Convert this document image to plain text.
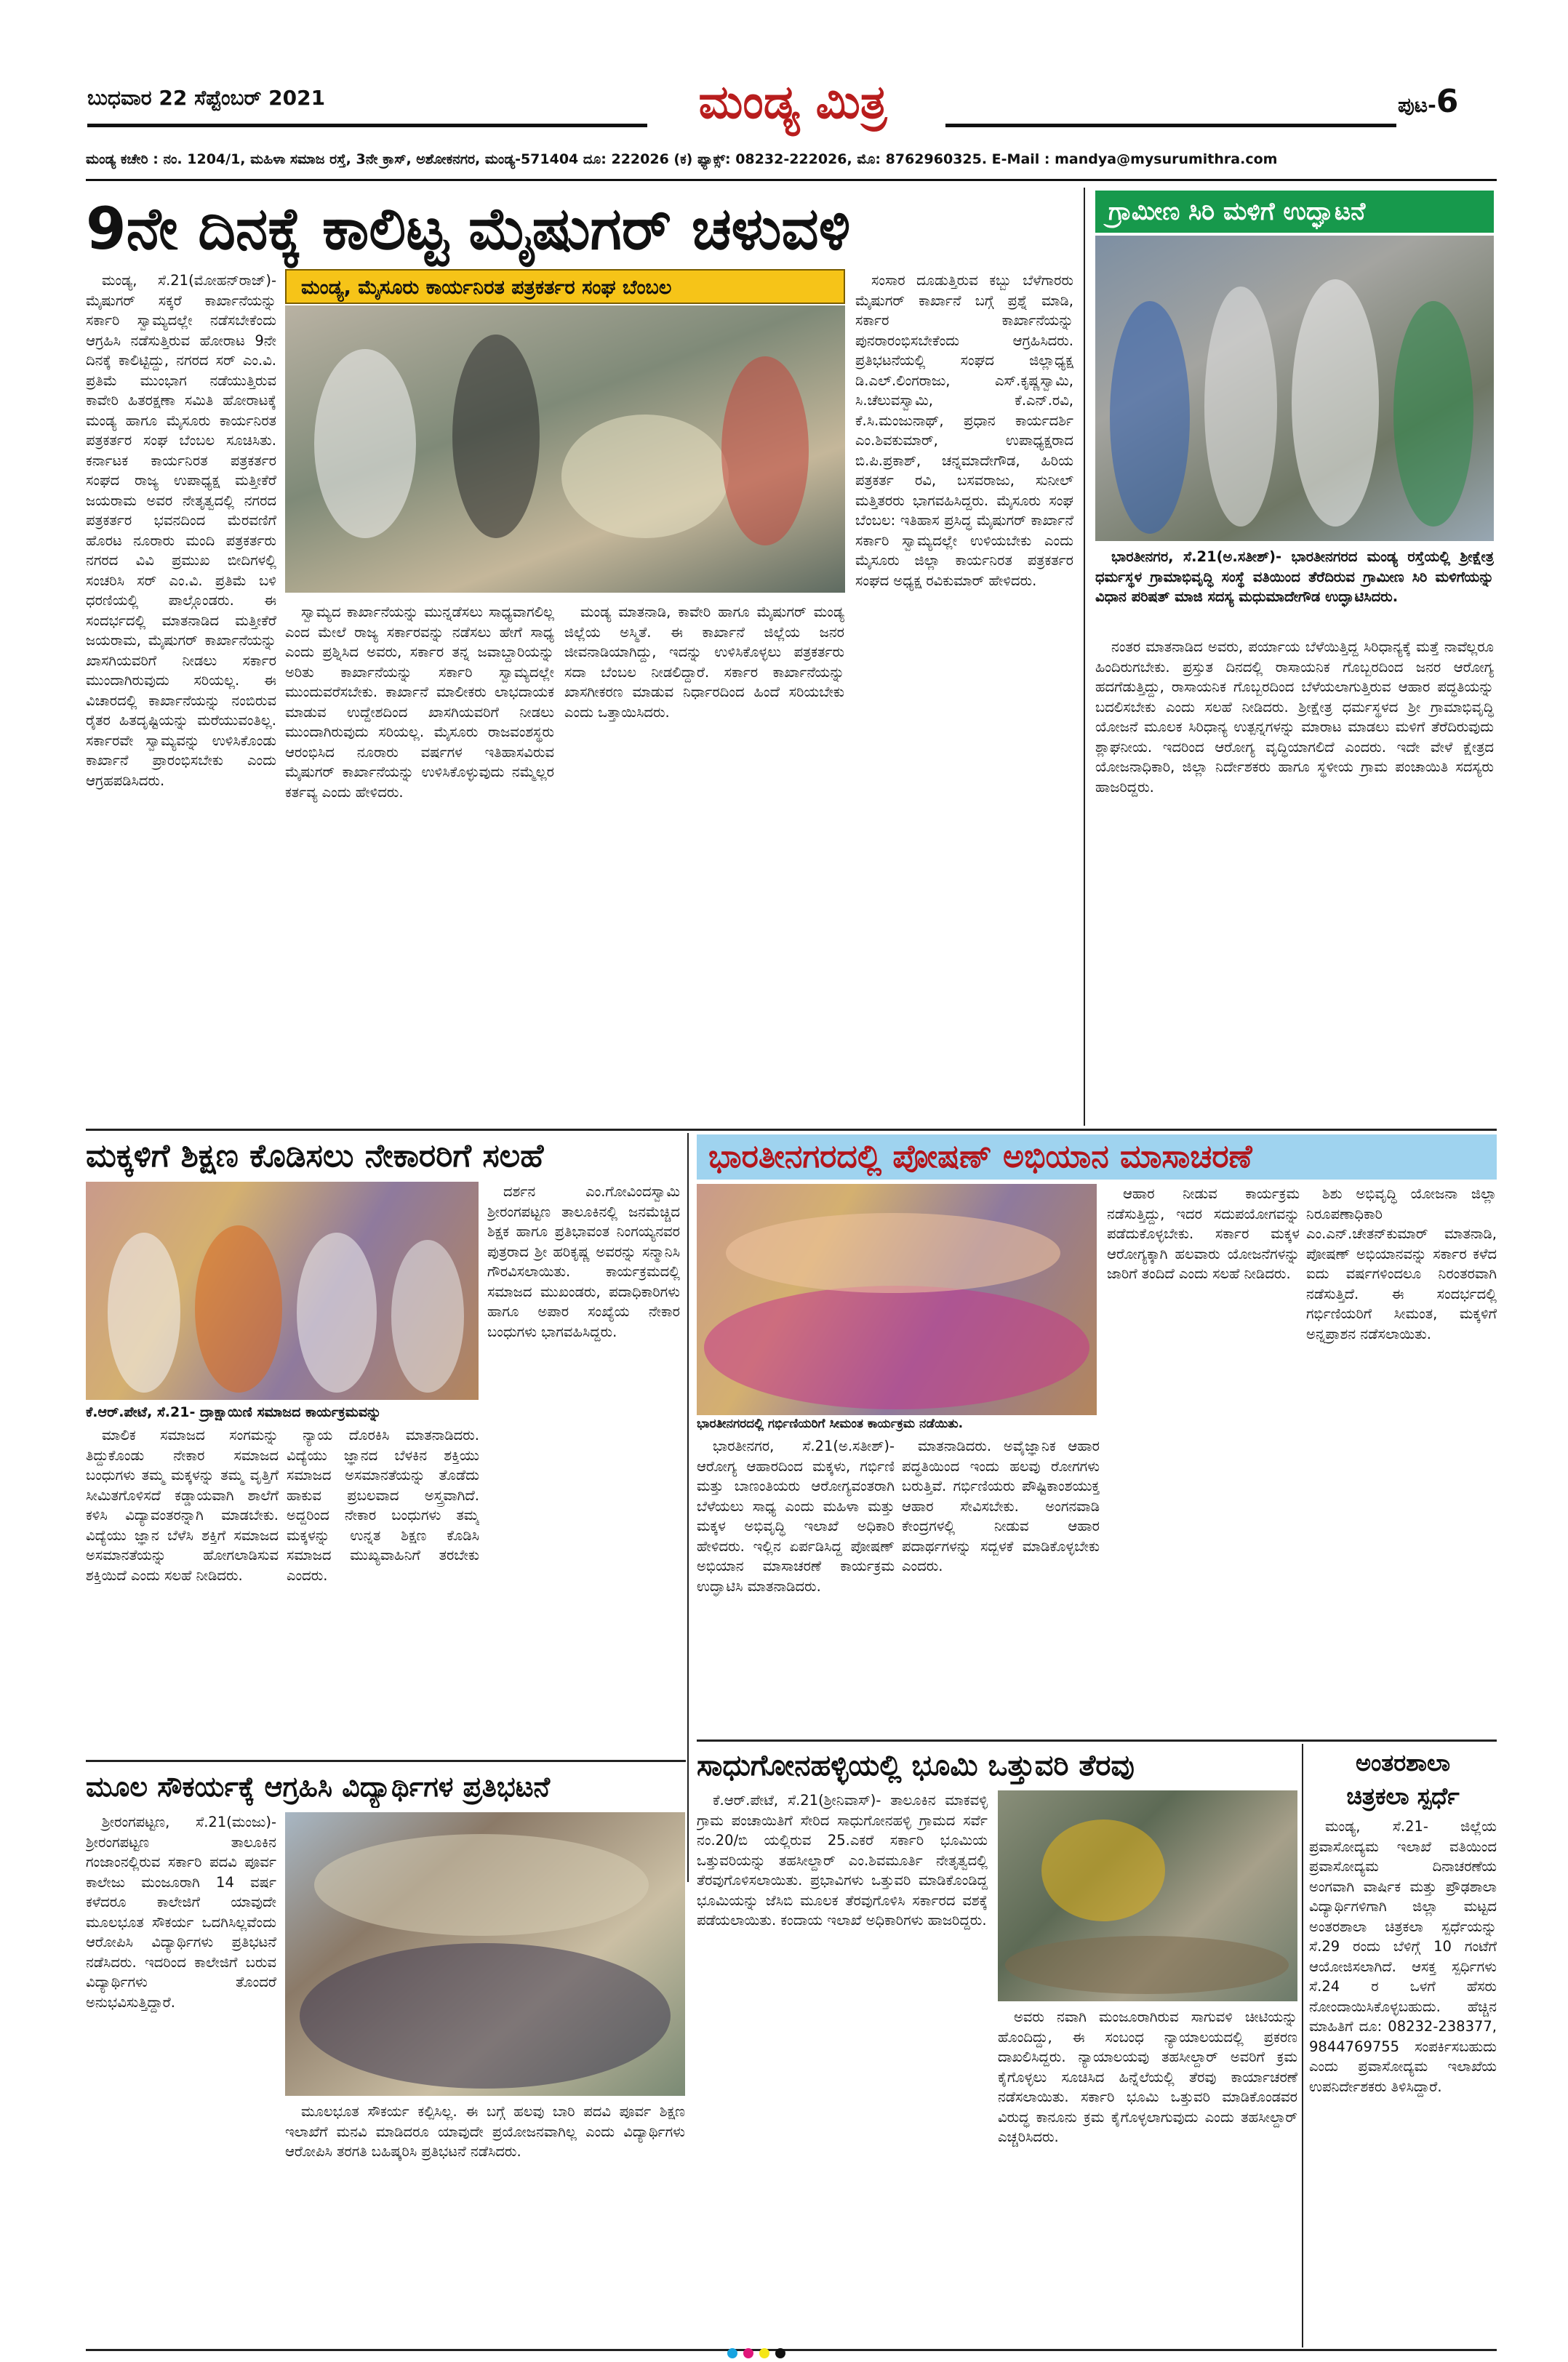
ಬುಧವಾರ 22 ಸೆಪ್ಟೆಂಬರ್ 2021	ಮಂಡ್ಯ ಮಿತ್ರ	ಪುಟ-6
ಮಂಡ್ಯ ಕಚೇರಿ : ನಂ. 1204/1, ಮಹಿಳಾ ಸಮಾಜ ರಸ್ತೆ, 3ನೇ ಕ್ರಾಸ್, ಅಶೋಕನಗರ, ಮಂಡ್ಯ-571404 ದೂ: 222026 (ಕ) ಫ್ಯಾಕ್ಸ್: 08232-222026, ಮೊ: 8762960325. E-Mail : mandya@mysurumithra.com
9ನೇ ದಿನಕ್ಕೆ ಕಾಲಿಟ್ಟ ಮೈಷುಗರ್ ಚಳುವಳಿ
ಮಂಡ್ಯ, ಮೈಸೂರು ಕಾರ್ಯನಿರತ ಪತ್ರಕರ್ತರ ಸಂಘ ಬೆಂಬಲ

ಮಂಡ್ಯ, ಸೆ.21(ಮೋಹನ್‌ರಾಜ್)- ಮೈಷುಗರ್ ಸಕ್ಕರೆ ಕಾರ್ಖಾನೆಯನ್ನು ಸರ್ಕಾರಿ ಸ್ವಾಮ್ಯದಲ್ಲೇ ನಡೆಸಬೇಕೆಂದು ಆಗ್ರಹಿಸಿ ನಡೆಸುತ್ತಿರುವ ಹೋರಾಟ 9ನೇ ದಿನಕ್ಕೆ ಕಾಲಿಟ್ಟಿದ್ದು, ನಗರದ ಸರ್ ಎಂ.ವಿ. ಪ್ರತಿಮೆ ಮುಂಭಾಗ ನಡೆಯುತ್ತಿರುವ ಕಾವೇರಿ ಹಿತರಕ್ಷಣಾ ಸಮಿತಿ ಹೋರಾಟಕ್ಕೆ ಮಂಡ್ಯ ಹಾಗೂ ಮೈಸೂರು ಕಾರ್ಯನಿರತ ಪತ್ರಕರ್ತರ ಸಂಘ ಬೆಂಬಲ ಸೂಚಿಸಿತು. ಕರ್ನಾಟಕ ಕಾರ್ಯನಿರತ ಪತ್ರಕರ್ತರ ಸಂಘದ ರಾಜ್ಯ ಉಪಾಧ್ಯಕ್ಷ ಮತ್ತೀಕೆರೆ ಜಯರಾಮ ಅವರ ನೇತೃತ್ವದಲ್ಲಿ ನಗರದ ಪತ್ರಕರ್ತರ ಭವನದಿಂದ ಮೆರವಣಿಗೆ ಹೊರಟ ನೂರಾರು ಮಂದಿ ಪತ್ರಕರ್ತರು ನಗರದ ವಿವಿ ಪ್ರಮುಖ ಬೀದಿಗಳಲ್ಲಿ ಸಂಚರಿಸಿ ಸರ್ ಎಂ.ವಿ. ಪ್ರತಿಮೆ ಬಳಿ ಧರಣಿಯಲ್ಲಿ ಪಾಲ್ಗೊಂಡರು. ಈ ಸಂದರ್ಭದಲ್ಲಿ ಮಾತನಾಡಿದ ಮತ್ತೀಕೆರೆ ಜಯರಾಮ, ಮೈಷುಗರ್ ಕಾರ್ಖಾನೆಯನ್ನು ಖಾಸಗಿಯವರಿಗೆ ನೀಡಲು ಸರ್ಕಾರ ಮುಂದಾಗಿರುವುದು ಸರಿಯಲ್ಲ. ಈ ವಿಚಾರದಲ್ಲಿ ಕಾರ್ಖಾನೆಯನ್ನು ನಂಬಿರುವ ರೈತರ ಹಿತದೃಷ್ಟಿಯನ್ನು ಮರೆಯುವಂತಿಲ್ಲ. ಸರ್ಕಾರವೇ ಸ್ವಾಮ್ಯವನ್ನು ಉಳಿಸಿಕೊಂಡು ಕಾರ್ಖಾನೆ ಪ್ರಾರಂಭಿಸಬೇಕು ಎಂದು ಆಗ್ರಹಪಡಿಸಿದರು.

ಸ್ವಾಮ್ಯದ ಕಾರ್ಖಾನೆಯನ್ನು ಮುನ್ನಡೆಸಲು ಸಾಧ್ಯವಾಗಲಿಲ್ಲ ಎಂದ ಮೇಲೆ ರಾಜ್ಯ ಸರ್ಕಾರವನ್ನು ನಡೆಸಲು ಹೇಗೆ ಸಾಧ್ಯ ಎಂದು ಪ್ರಶ್ನಿಸಿದ ಅವರು, ಸರ್ಕಾರ ತನ್ನ ಜವಾಬ್ದಾರಿಯನ್ನು ಅರಿತು ಕಾರ್ಖಾನೆಯನ್ನು ಸರ್ಕಾರಿ ಸ್ವಾಮ್ಯದಲ್ಲೇ ಮುಂದುವರೆಸಬೇಕು. ಕಾರ್ಖಾನೆ ಮಾಲೀಕರು ಲಾಭದಾಯಕ ಮಾಡುವ ಉದ್ದೇಶದಿಂದ ಖಾಸಗಿಯವರಿಗೆ ನೀಡಲು ಮುಂದಾಗಿರುವುದು ಸರಿಯಲ್ಲ. ಮೈಸೂರು ರಾಜವಂಶಸ್ಥರು ಆರಂಭಿಸಿದ ನೂರಾರು ವರ್ಷಗಳ ಇತಿಹಾಸವಿರುವ ಮೈಷುಗರ್ ಕಾರ್ಖಾನೆಯನ್ನು ಉಳಿಸಿಕೊಳ್ಳುವುದು ನಮ್ಮೆಲ್ಲರ ಕರ್ತವ್ಯ ಎಂದು ಹೇಳಿದರು.

ಮಂಡ್ಯ ಮಾತನಾಡಿ, ಕಾವೇರಿ ಹಾಗೂ ಮೈಷುಗರ್ ಮಂಡ್ಯ ಜಿಲ್ಲೆಯ ಅಸ್ಮಿತೆ. ಈ ಕಾರ್ಖಾನೆ ಜಿಲ್ಲೆಯ ಜನರ ಜೀವನಾಡಿಯಾಗಿದ್ದು, ಇದನ್ನು ಉಳಿಸಿಕೊಳ್ಳಲು ಪತ್ರಕರ್ತರು ಸದಾ ಬೆಂಬಲ ನೀಡಲಿದ್ದಾರೆ. ಸರ್ಕಾರ ಕಾರ್ಖಾನೆಯನ್ನು ಖಾಸಗೀಕರಣ ಮಾಡುವ ನಿರ್ಧಾರದಿಂದ ಹಿಂದೆ ಸರಿಯಬೇಕು ಎಂದು ಒತ್ತಾಯಿಸಿದರು.

ಸಂಸಾರ ದೂಡುತ್ತಿರುವ ಕಬ್ಬು ಬೆಳೆಗಾರರು ಮೈಷುಗರ್ ಕಾರ್ಖಾನೆ ಬಗ್ಗೆ ಪ್ರಶ್ನೆ ಮಾಡಿ, ಸರ್ಕಾರ ಕಾರ್ಖಾನೆಯನ್ನು ಪುನರಾರಂಭಿಸಬೇಕೆಂದು ಆಗ್ರಹಿಸಿದರು. ಪ್ರತಿಭಟನೆಯಲ್ಲಿ ಸಂಘದ ಜಿಲ್ಲಾಧ್ಯಕ್ಷ ಡಿ.ಎಲ್.ಲಿಂಗರಾಜು, ಎಸ್.ಕೃಷ್ಣಸ್ವಾಮಿ, ಸಿ.ಚೆಲುವಸ್ವಾಮಿ, ಕೆ.ಎನ್.ರವಿ, ಕೆ.ಸಿ.ಮಂಜುನಾಥ್, ಪ್ರಧಾನ ಕಾರ್ಯದರ್ಶಿ ಎಂ.ಶಿವಕುಮಾರ್, ಉಪಾಧ್ಯಕ್ಷರಾದ ಬಿ.ಪಿ.ಪ್ರಕಾಶ್, ಚನ್ನಮಾದೇಗೌಡ, ಹಿರಿಯ ಪತ್ರಕರ್ತ ರವಿ, ಬಸವರಾಜು, ಸುನೀಲ್ ಮತ್ತಿತರರು ಭಾಗವಹಿಸಿದ್ದರು. ಮೈಸೂರು ಸಂಘ ಬೆಂಬಲ: ಇತಿಹಾಸ ಪ್ರಸಿದ್ಧ ಮೈಷುಗರ್ ಕಾರ್ಖಾನೆ ಸರ್ಕಾರಿ ಸ್ವಾಮ್ಯದಲ್ಲೇ ಉಳಿಯಬೇಕು ಎಂದು ಮೈಸೂರು ಜಿಲ್ಲಾ ಕಾರ್ಯನಿರತ ಪತ್ರಕರ್ತರ ಸಂಘದ ಅಧ್ಯಕ್ಷ ರವಿಕುಮಾರ್ ಹೇಳಿದರು.

ಗ್ರಾಮೀಣ ಸಿರಿ ಮಳಿಗೆ ಉದ್ಘಾಟನೆ

ಭಾರತೀನಗರ, ಸೆ.21(ಅ.ಸತೀಶ್)- ಭಾರತೀನಗರದ ಮಂಡ್ಯ ರಸ್ತೆಯಲ್ಲಿ ಶ್ರೀಕ್ಷೇತ್ರ ಧರ್ಮಸ್ಥಳ ಗ್ರಾಮಾಭಿವೃದ್ಧಿ ಸಂಸ್ಥೆ ವತಿಯಿಂದ ತೆರೆದಿರುವ ಗ್ರಾಮೀಣ ಸಿರಿ ಮಳಿಗೆಯನ್ನು ವಿಧಾನ ಪರಿಷತ್ ಮಾಜಿ ಸದಸ್ಯ ಮಧುಮಾದೇಗೌಡ ಉದ್ಘಾಟಿಸಿದರು.

ನಂತರ ಮಾತನಾಡಿದ ಅವರು, ಪರ್ಯಾಯ ಬೆಳೆಯಿತ್ತಿದ್ದ ಸಿರಿಧಾನ್ಯಕ್ಕೆ ಮತ್ತೆ ನಾವೆಲ್ಲರೂ ಹಿಂದಿರುಗಬೇಕು. ಪ್ರಸ್ತುತ ದಿನದಲ್ಲಿ ರಾಸಾಯನಿಕ ಗೊಬ್ಬರದಿಂದ ಜನರ ಆರೋಗ್ಯ ಹದಗೆಡುತ್ತಿದ್ದು, ರಾಸಾಯನಿಕ ಗೊಬ್ಬರದಿಂದ ಬೆಳೆಯಲಾಗುತ್ತಿರುವ ಆಹಾರ ಪದ್ಧತಿಯನ್ನು ಬದಲಿಸಬೇಕು ಎಂದು ಸಲಹೆ ನೀಡಿದರು. ಶ್ರೀಕ್ಷೇತ್ರ ಧರ್ಮಸ್ಥಳದ ಶ್ರೀ ಗ್ರಾಮಾಭಿವೃದ್ಧಿ ಯೋಜನೆ ಮೂಲಕ ಸಿರಿಧಾನ್ಯ ಉತ್ಪನ್ನಗಳನ್ನು ಮಾರಾಟ ಮಾಡಲು ಮಳಿಗೆ ತೆರೆದಿರುವುದು ಶ್ಲಾಘನೀಯ. ಇದರಿಂದ ಆರೋಗ್ಯ ವೃದ್ಧಿಯಾಗಲಿದೆ ಎಂದರು. ಇದೇ ವೇಳೆ ಕ್ಷೇತ್ರದ ಯೋಜನಾಧಿಕಾರಿ, ಜಿಲ್ಲಾ ನಿರ್ದೇಶಕರು ಹಾಗೂ ಸ್ಥಳೀಯ ಗ್ರಾಮ ಪಂಚಾಯಿತಿ ಸದಸ್ಯರು ಹಾಜರಿದ್ದರು.

ಮಕ್ಕಳಿಗೆ ಶಿಕ್ಷಣ ಕೊಡಿಸಲು ನೇಕಾರರಿಗೆ ಸಲಹೆ
ಕೆ.ಆರ್.ಪೇಟೆ, ಸೆ.21- ದ್ರಾಕ್ಷಾಯಿಣಿ ಸಮಾಜದ ಕಾರ್ಯಕ್ರಮವನ್ನು

ಮಾಲಿಕ ಸಮಾಜದ ಸಂಗಮನ್ನು ತಿದ್ದುಕೊಂಡು ನೇಕಾರ ಸಮಾಜದ ಬಂಧುಗಳು ತಮ್ಮ ಮಕ್ಕಳನ್ನು ತಮ್ಮ ವೃತ್ತಿಗೆ ಸೀಮಿತಗೊಳಿಸದೆ ಕಡ್ಡಾಯವಾಗಿ ಶಾಲೆಗೆ ಕಳಿಸಿ ವಿದ್ಯಾವಂತರನ್ನಾಗಿ ಮಾಡಬೇಕು. ವಿದ್ಯೆಯು ಜ್ಞಾನ ಬೆಳೆಸಿ ಶಕ್ತಿಗೆ ಸಮಾಜದ ಅಸಮಾನತೆಯನ್ನು ಹೋಗಲಾಡಿಸುವ ಶಕ್ತಿಯಿದೆ ಎಂದು ಸಲಹೆ ನೀಡಿದರು.

ನ್ಯಾಯ ದೊರಕಿಸಿ ಮಾತನಾಡಿದರು. ವಿದ್ಯೆಯು ಜ್ಞಾನದ ಬೆಳಕಿನ ಶಕ್ತಿಯು ಸಮಾಜದ ಅಸಮಾನತೆಯನ್ನು ತೊಡೆದು ಹಾಕುವ ಪ್ರಬಲವಾದ ಅಸ್ತ್ರವಾಗಿದೆ. ಅದ್ದರಿಂದ ನೇಕಾರ ಬಂಧುಗಳು ತಮ್ಮ ಮಕ್ಕಳನ್ನು ಉನ್ನತ ಶಿಕ್ಷಣ ಕೊಡಿಸಿ ಸಮಾಜದ ಮುಖ್ಯವಾಹಿನಿಗೆ ತರಬೇಕು ಎಂದರು.

ದರ್ಶನ ಎಂ.ಗೋವಿಂದಸ್ವಾಮಿ ಶ್ರೀರಂಗಪಟ್ಟಣ ತಾಲೂಕಿನಲ್ಲಿ ಜನಮೆಚ್ಚಿದ ಶಿಕ್ಷಕ ಹಾಗೂ ಪ್ರತಿಭಾವಂತ ನಿಂಗಯ್ಯನವರ ಪುತ್ರರಾದ ಶ್ರೀ ಹರಿಕೃಷ್ಣ ಅವರನ್ನು ಸನ್ಮಾನಿಸಿ ಗೌರವಿಸಲಾಯಿತು. ಕಾರ್ಯಕ್ರಮದಲ್ಲಿ ಸಮಾಜದ ಮುಖಂಡರು, ಪದಾಧಿಕಾರಿಗಳು ಹಾಗೂ ಅಪಾರ ಸಂಖ್ಯೆಯ ನೇಕಾರ ಬಂಧುಗಳು ಭಾಗವಹಿಸಿದ್ದರು.

ಭಾರತೀನಗರದಲ್ಲಿ ಪೋಷಣ್ ಅಭಿಯಾನ ಮಾಸಾಚರಣೆ
ಭಾರತೀನಗರದಲ್ಲಿ ಗರ್ಭಿಣಿಯರಿಗೆ ಸೀಮಂತ ಕಾರ್ಯಕ್ರಮ ನಡೆಯಿತು.

ಭಾರತೀನಗರ, ಸೆ.21(ಅ.ಸತೀಶ್)- ಆರೋಗ್ಯ ಆಹಾರದಿಂದ ಮಕ್ಕಳು, ಗರ್ಭಿಣಿ ಮತ್ತು ಬಾಣಂತಿಯರು ಆರೋಗ್ಯವಂತರಾಗಿ ಬೆಳೆಯಲು ಸಾಧ್ಯ ಎಂದು ಮಹಿಳಾ ಮತ್ತು ಮಕ್ಕಳ ಅಭಿವೃದ್ಧಿ ಇಲಾಖೆ ಅಧಿಕಾರಿ ಹೇಳಿದರು. ಇಲ್ಲಿನ ಏರ್ಪಡಿಸಿದ್ದ ಪೋಷಣ್ ಅಭಿಯಾನ ಮಾಸಾಚರಣೆ ಕಾರ್ಯಕ್ರಮ ಉದ್ಘಾಟಿಸಿ ಮಾತನಾಡಿದರು.

ಮಾತನಾಡಿದರು. ಅವೈಜ್ಞಾನಿಕ ಆಹಾರ ಪದ್ಧತಿಯಿಂದ ಇಂದು ಹಲವು ರೋಗಗಳು ಬರುತ್ತಿವೆ. ಗರ್ಭಿಣಿಯರು ಪೌಷ್ಟಿಕಾಂಶಯುಕ್ತ ಆಹಾರ ಸೇವಿಸಬೇಕು. ಅಂಗನವಾಡಿ ಕೇಂದ್ರಗಳಲ್ಲಿ ನೀಡುವ ಆಹಾರ ಪದಾರ್ಥಗಳನ್ನು ಸದ್ಬಳಕೆ ಮಾಡಿಕೊಳ್ಳಬೇಕು ಎಂದರು.

ಆಹಾರ ನೀಡುವ ಕಾರ್ಯಕ್ರಮ ನಡೆಸುತ್ತಿದ್ದು, ಇದರ ಸದುಪಯೋಗವನ್ನು ಪಡೆದುಕೊಳ್ಳಬೇಕು. ಸರ್ಕಾರ ಮಕ್ಕಳ ಆರೋಗ್ಯಕ್ಕಾಗಿ ಹಲವಾರು ಯೋಜನೆಗಳನ್ನು ಜಾರಿಗೆ ತಂದಿದೆ ಎಂದು ಸಲಹೆ ನೀಡಿದರು.

ಶಿಶು ಅಭಿವೃದ್ಧಿ ಯೋಜನಾ ಜಿಲ್ಲಾ ನಿರೂಪಣಾಧಿಕಾರಿ ಎಂ.ಎನ್.ಚೇತನ್‌ಕುಮಾರ್ ಮಾತನಾಡಿ, ಪೋಷಣ್ ಅಭಿಯಾನವನ್ನು ಸರ್ಕಾರ ಕಳೆದ ಐದು ವರ್ಷಗಳಿಂದಲೂ ನಿರಂತರವಾಗಿ ನಡೆಸುತ್ತಿದೆ. ಈ ಸಂದರ್ಭದಲ್ಲಿ ಗರ್ಭಿಣಿಯರಿಗೆ ಸೀಮಂತ, ಮಕ್ಕಳಿಗೆ ಅನ್ನಪ್ರಾಶನ ನಡೆಸಲಾಯಿತು.

ಮೂಲ ಸೌಕರ್ಯಕ್ಕೆ ಆಗ್ರಹಿಸಿ ವಿದ್ಯಾರ್ಥಿಗಳ ಪ್ರತಿಭಟನೆ

ಶ್ರೀರಂಗಪಟ್ಟಣ, ಸೆ.21(ಮಂಜು)- ಶ್ರೀರಂಗಪಟ್ಟಣ ತಾಲೂಕಿನ ಗಂಜಾಂನಲ್ಲಿರುವ ಸರ್ಕಾರಿ ಪದವಿ ಪೂರ್ವ ಕಾಲೇಜು ಮಂಜೂರಾಗಿ 14 ವರ್ಷ ಕಳೆದರೂ ಕಾಲೇಜಿಗೆ ಯಾವುದೇ ಮೂಲಭೂತ ಸೌಕರ್ಯ ಒದಗಿಸಿಲ್ಲವೆಂದು ಆರೋಪಿಸಿ ವಿದ್ಯಾರ್ಥಿಗಳು ಪ್ರತಿಭಟನೆ ನಡೆಸಿದರು. ಇದರಿಂದ ಕಾಲೇಜಿಗೆ ಬರುವ ವಿದ್ಯಾರ್ಥಿಗಳು ತೊಂದರೆ ಅನುಭವಿಸುತ್ತಿದ್ದಾರೆ.

ಮೂಲಭೂತ ಸೌಕರ್ಯ ಕಲ್ಪಿಸಿಲ್ಲ. ಈ ಬಗ್ಗೆ ಹಲವು ಬಾರಿ ಪದವಿ ಪೂರ್ವ ಶಿಕ್ಷಣ ಇಲಾಖೆಗೆ ಮನವಿ ಮಾಡಿದರೂ ಯಾವುದೇ ಪ್ರಯೋಜನವಾಗಿಲ್ಲ ಎಂದು ವಿದ್ಯಾರ್ಥಿಗಳು ಆರೋಪಿಸಿ ತರಗತಿ ಬಹಿಷ್ಕರಿಸಿ ಪ್ರತಿಭಟನೆ ನಡೆಸಿದರು.

ಸಾಧುಗೋನಹಳ್ಳಿಯಲ್ಲಿ ಭೂಮಿ ಒತ್ತುವರಿ ತೆರವು

ಕೆ.ಆರ್.ಪೇಟೆ, ಸೆ.21(ಶ್ರೀನಿವಾಸ್)- ತಾಲೂಕಿನ ಮಾಕವಳ್ಳಿ ಗ್ರಾಮ ಪಂಚಾಯಿತಿಗೆ ಸೇರಿದ ಸಾಧುಗೋನಹಳ್ಳಿ ಗ್ರಾಮದ ಸರ್ವೆ ನಂ.20/ಬಿ ಯಲ್ಲಿರುವ 25.ಎಕರೆ ಸರ್ಕಾರಿ ಭೂಮಿಯ ಒತ್ತುವರಿಯನ್ನು ತಹಸೀಲ್ದಾರ್ ಎಂ.ಶಿವಮೂರ್ತಿ ನೇತೃತ್ವದಲ್ಲಿ ತೆರವುಗೊಳಿಸಲಾಯಿತು. ಪ್ರಭಾವಿಗಳು ಒತ್ತುವರಿ ಮಾಡಿಕೊಂಡಿದ್ದ ಭೂಮಿಯನ್ನು ಜೆಸಿಬಿ ಮೂಲಕ ತೆರವುಗೊಳಿಸಿ ಸರ್ಕಾರದ ವಶಕ್ಕೆ ಪಡೆಯಲಾಯಿತು. ಕಂದಾಯ ಇಲಾಖೆ ಅಧಿಕಾರಿಗಳು ಹಾಜರಿದ್ದರು.

ಅವರು ನವಾಗಿ ಮಂಜೂರಾಗಿರುವ ಸಾಗುವಳಿ ಚೀಟಿಯನ್ನು ಹೊಂದಿದ್ದು, ಈ ಸಂಬಂಧ ನ್ಯಾಯಾಲಯದಲ್ಲಿ ಪ್ರಕರಣ ದಾಖಲಿಸಿದ್ದರು. ನ್ಯಾಯಾಲಯವು ತಹಸೀಲ್ದಾರ್ ಅವರಿಗೆ ಕ್ರಮ ಕೈಗೊಳ್ಳಲು ಸೂಚಿಸಿದ ಹಿನ್ನೆಲೆಯಲ್ಲಿ ತೆರವು ಕಾರ್ಯಾಚರಣೆ ನಡೆಸಲಾಯಿತು. ಸರ್ಕಾರಿ ಭೂಮಿ ಒತ್ತುವರಿ ಮಾಡಿಕೊಂಡವರ ವಿರುದ್ಧ ಕಾನೂನು ಕ್ರಮ ಕೈಗೊಳ್ಳಲಾಗುವುದು ಎಂದು ತಹಸೀಲ್ದಾರ್ ಎಚ್ಚರಿಸಿದರು.

ಅಂತರಶಾಲಾ
ಚಿತ್ರಕಲಾ ಸ್ಪರ್ಧೆ

ಮಂಡ್ಯ, ಸೆ.21- ಜಿಲ್ಲೆಯ ಪ್ರವಾಸೋದ್ಯಮ ಇಲಾಖೆ ವತಿಯಿಂದ ಪ್ರವಾಸೋದ್ಯಮ ದಿನಾಚರಣೆಯ ಅಂಗವಾಗಿ ವಾರ್ಷಿಕ ಮತ್ತು ಪ್ರೌಢಶಾಲಾ ವಿದ್ಯಾರ್ಥಿಗಳಿಗಾಗಿ ಜಿಲ್ಲಾ ಮಟ್ಟದ ಅಂತರಶಾಲಾ ಚಿತ್ರಕಲಾ ಸ್ಪರ್ಧೆಯನ್ನು ಸೆ.29 ರಂದು ಬೆಳಿಗ್ಗೆ 10 ಗಂಟೆಗೆ ಆಯೋಜಿಸಲಾಗಿದೆ. ಆಸಕ್ತ ಸ್ಪರ್ಧಿಗಳು ಸೆ.24 ರ ಒಳಗೆ ಹೆಸರು ನೋಂದಾಯಿಸಿಕೊಳ್ಳಬಹುದು. ಹೆಚ್ಚಿನ ಮಾಹಿತಿಗೆ ದೂ: 08232-238377, 9844769755 ಸಂಪರ್ಕಿಸಬಹುದು ಎಂದು ಪ್ರವಾಸೋದ್ಯಮ ಇಲಾಖೆಯ ಉಪನಿರ್ದೇಶಕರು ತಿಳಿಸಿದ್ದಾರೆ.
